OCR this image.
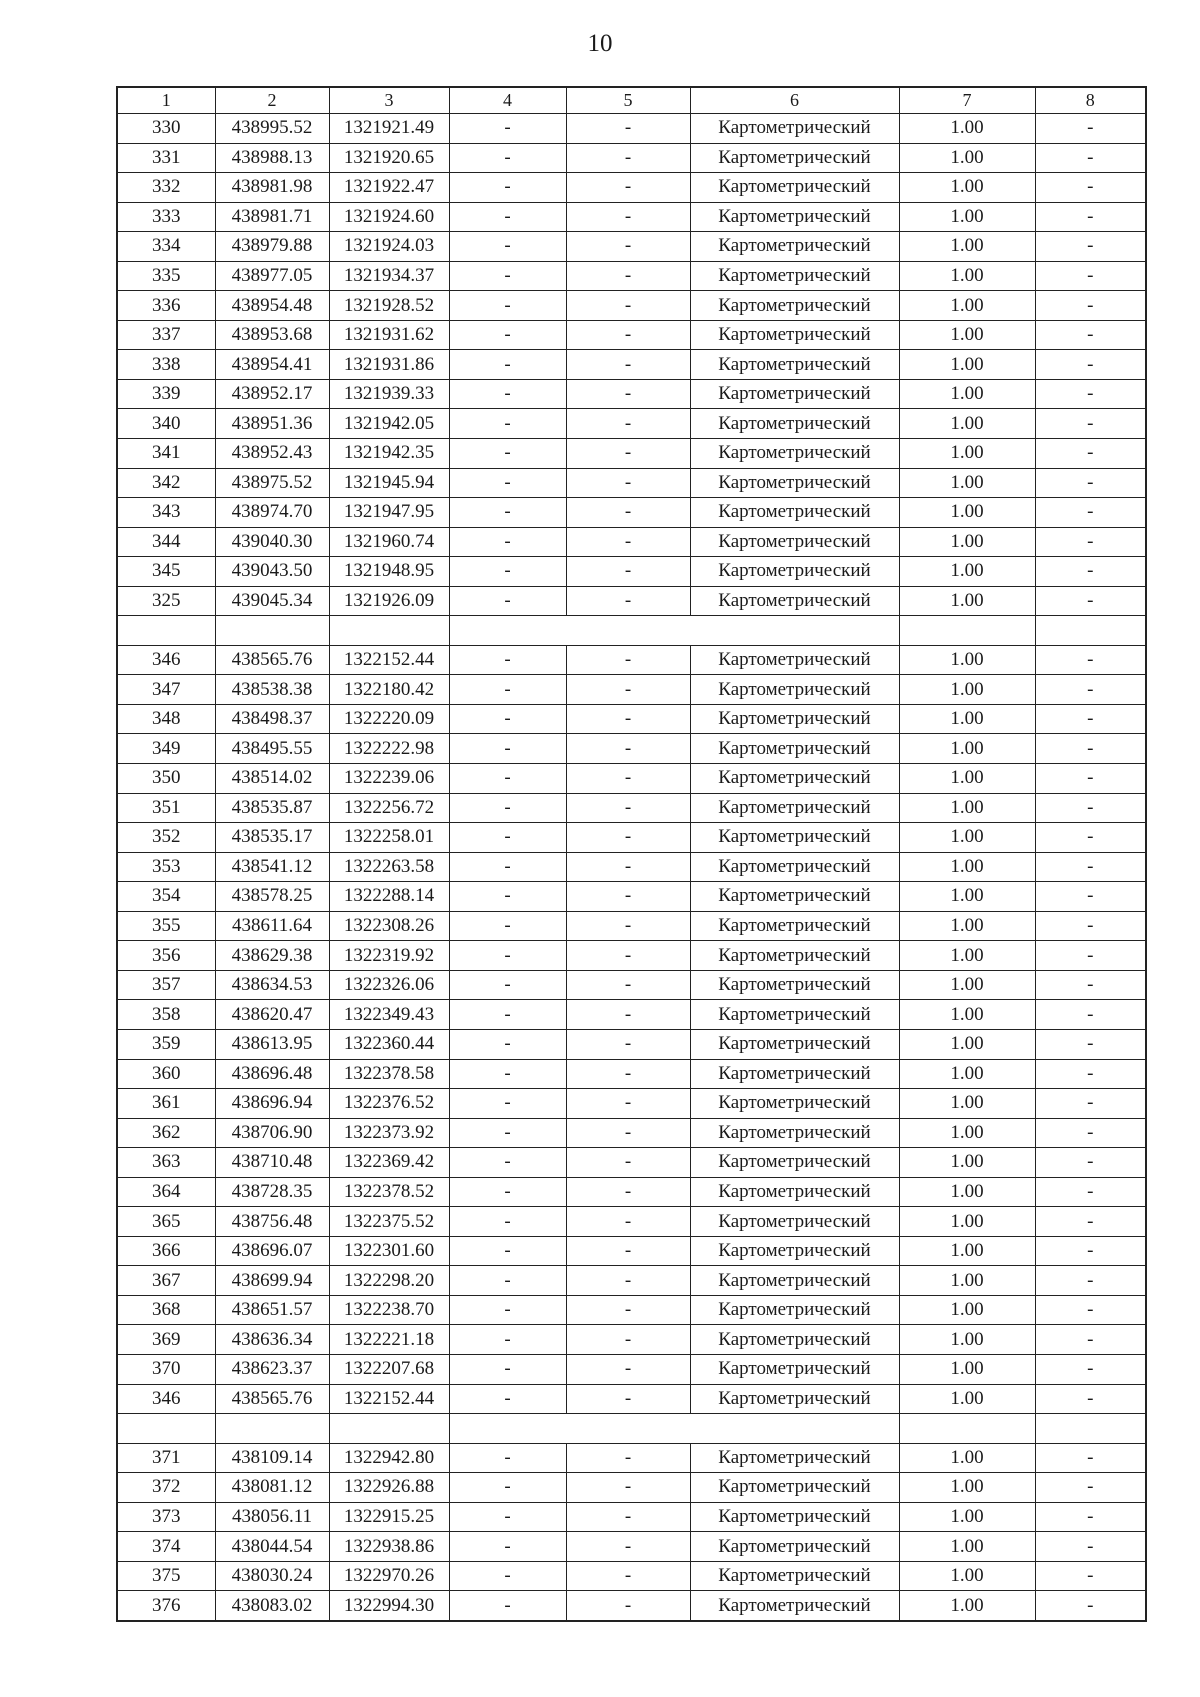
10
1	2	3	4	5	6	7	8
330	438995.52	1321921.49	-	-	Картометрический	1.00	-
331	438988.13	1321920.65	-	-	Картометрический	1.00	-
332	438981.98	1321922.47	-	-	Картометрический	1.00	-
333	438981.71	1321924.60	-	-	Картометрический	1.00	-
334	438979.88	1321924.03	-	-	Картометрический	1.00	-
335	438977.05	1321934.37	-	-	Картометрический	1.00	-
336	438954.48	1321928.52	-	-	Картометрический	1.00	-
337	438953.68	1321931.62	-	-	Картометрический	1.00	-
338	438954.41	1321931.86	-	-	Картометрический	1.00	-
339	438952.17	1321939.33	-	-	Картометрический	1.00	-
340	438951.36	1321942.05	-	-	Картометрический	1.00	-
341	438952.43	1321942.35	-	-	Картометрический	1.00	-
342	438975.52	1321945.94	-	-	Картометрический	1.00	-
343	438974.70	1321947.95	-	-	Картометрический	1.00	-
344	439040.30	1321960.74	-	-	Картометрический	1.00	-
345	439043.50	1321948.95	-	-	Картометрический	1.00	-
325	439045.34	1321926.09	-	-	Картометрический	1.00	-

346	438565.76	1322152.44	-	-	Картометрический	1.00	-
347	438538.38	1322180.42	-	-	Картометрический	1.00	-
348	438498.37	1322220.09	-	-	Картометрический	1.00	-
349	438495.55	1322222.98	-	-	Картометрический	1.00	-
350	438514.02	1322239.06	-	-	Картометрический	1.00	-
351	438535.87	1322256.72	-	-	Картометрический	1.00	-
352	438535.17	1322258.01	-	-	Картометрический	1.00	-
353	438541.12	1322263.58	-	-	Картометрический	1.00	-
354	438578.25	1322288.14	-	-	Картометрический	1.00	-
355	438611.64	1322308.26	-	-	Картометрический	1.00	-
356	438629.38	1322319.92	-	-	Картометрический	1.00	-
357	438634.53	1322326.06	-	-	Картометрический	1.00	-
358	438620.47	1322349.43	-	-	Картометрический	1.00	-
359	438613.95	1322360.44	-	-	Картометрический	1.00	-
360	438696.48	1322378.58	-	-	Картометрический	1.00	-
361	438696.94	1322376.52	-	-	Картометрический	1.00	-
362	438706.90	1322373.92	-	-	Картометрический	1.00	-
363	438710.48	1322369.42	-	-	Картометрический	1.00	-
364	438728.35	1322378.52	-	-	Картометрический	1.00	-
365	438756.48	1322375.52	-	-	Картометрический	1.00	-
366	438696.07	1322301.60	-	-	Картометрический	1.00	-
367	438699.94	1322298.20	-	-	Картометрический	1.00	-
368	438651.57	1322238.70	-	-	Картометрический	1.00	-
369	438636.34	1322221.18	-	-	Картометрический	1.00	-
370	438623.37	1322207.68	-	-	Картометрический	1.00	-
346	438565.76	1322152.44	-	-	Картометрический	1.00	-

371	438109.14	1322942.80	-	-	Картометрический	1.00	-
372	438081.12	1322926.88	-	-	Картометрический	1.00	-
373	438056.11	1322915.25	-	-	Картометрический	1.00	-
374	438044.54	1322938.86	-	-	Картометрический	1.00	-
375	438030.24	1322970.26	-	-	Картометрический	1.00	-
376	438083.02	1322994.30	-	-	Картометрический	1.00	-
